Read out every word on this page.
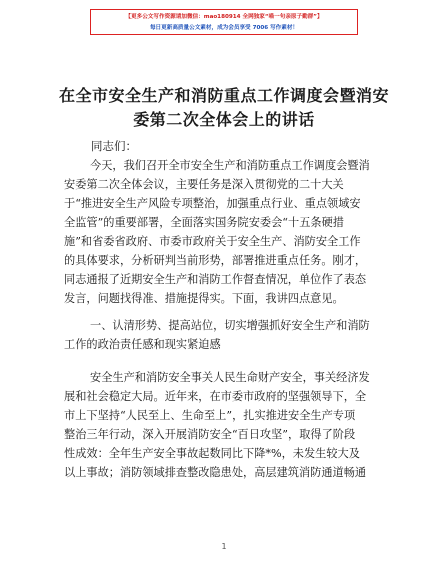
【更多公文写作资源请加微信：mao180914 全网独家“喵一句亲原子勤群”】
每日更新高质量公文素材，成为会员享受 7006 写作素材！
在全市安全生产和消防重点工作调度会暨消安
委第二次全体会上的讲话
同志们：
今天，我们召开全市安全生产和消防重点工作调度会暨消
安委第二次全体会议，主要任务是深入贯彻党的二十大关
于“推进安全生产风险专项整治，加强重点行业、重点领域安
全监管”的重要部署，全面落实国务院安委会“十五条硬措
施”和省委省政府、市委市政府关于安全生产、消防安全工作
的具体要求，分析研判当前形势，部署推进重点任务。刚才，
同志通报了近期安全生产和消防工作督查情况，单位作了表态
发言，问题找得准、措施提得实。下面，我讲四点意见。
一、认清形势、提高站位，切实增强抓好安全生产和消防
工作的政治责任感和现实紧迫感
安全生产和消防安全事关人民生命财产安全，事关经济发
展和社会稳定大局。近年来，在市委市政府的坚强领导下，全
市上下坚持“人民至上、生命至上”，扎实推进安全生产专项
整治三年行动，深入开展消防安全“百日攻坚”，取得了阶段
性成效：全年生产安全事故起数同比下降*%，未发生较大及
以上事故；消防领域排查整改隐患处，高层建筑消防通道畅通
1
